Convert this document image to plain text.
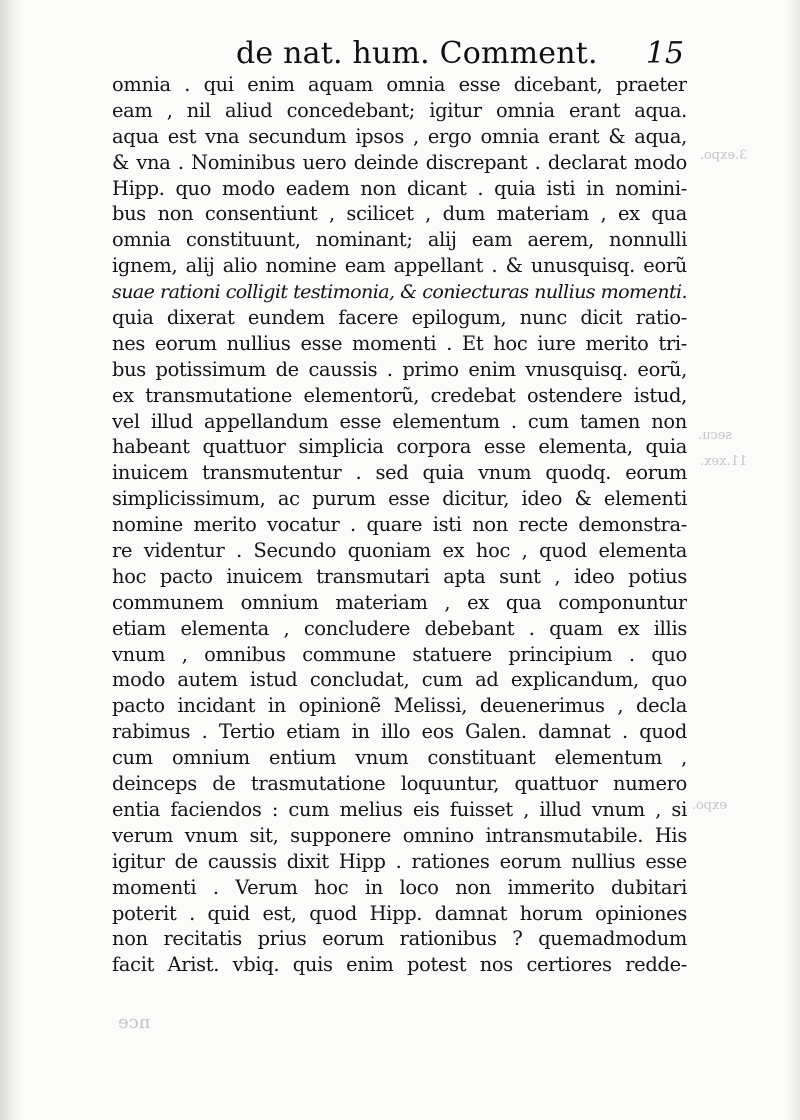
de nat. hum. Comment. 15
omnia . qui enim aquam omnia esse dicebant, praeter
eam , nil aliud concedebant; igitur omnia erant aqua.
aqua est vna secundum ipsos , ergo omnia erant & aqua,
& vna . Nominibus uero deinde discrepant . declarat modo
Hipp. quo modo eadem non dicant . quia isti in nomini-
bus non consentiunt , scilicet , dum materiam , ex qua
omnia constituunt, nominant; alij eam aerem, nonnulli
ignem, alij alio nomine eam appellant . & unusquisq. eorũ
suae rationi colligit testimonia, & coniecturas nullius momenti.
quia dixerat eundem facere epilogum, nunc dicit ratio-
nes eorum nullius esse momenti . Et hoc iure merito tri-
bus potissimum de caussis . primo enim vnusquisq. eorũ,
ex transmutatione elementorũ, credebat ostendere istud,
vel illud appellandum esse elementum . cum tamen non
habeant quattuor simplicia corpora esse elementa, quia
inuicem transmutentur . sed quia vnum quodq. eorum
simplicissimum, ac purum esse dicitur, ideo & elementi
nomine merito vocatur . quare isti non recte demonstra-
re videntur . Secundo quoniam ex hoc , quod elementa
hoc pacto inuicem transmutari apta sunt , ideo potius
communem omnium materiam , ex qua componuntur
etiam elementa , concludere debebant . quam ex illis
vnum , omnibus commune statuere principium . quo
modo autem istud concludat, cum ad explicandum, quo
pacto incidant in opinionẽ Melissi, deuenerimus , decla
rabimus . Tertio etiam in illo eos Galen. damnat . quod
cum omnium entium vnum constituant elementum ,
deinceps de trasmutatione loquuntur, quattuor numero
entia faciendos : cum melius eis fuisset , illud vnum , si
verum vnum sit, supponere omnino intransmutabile. His
igitur de caussis dixit Hipp . rationes eorum nullius esse
momenti . Verum hoc in loco non immerito dubitari
poterit . quid est, quod Hipp. damnat horum opiniones
non recitatis prius eorum rationibus ? quemadmodum
facit Arist. vbiq. quis enim potest nos certiores redde-
3.expo.
secu.
11.xex.
expo.
nce
